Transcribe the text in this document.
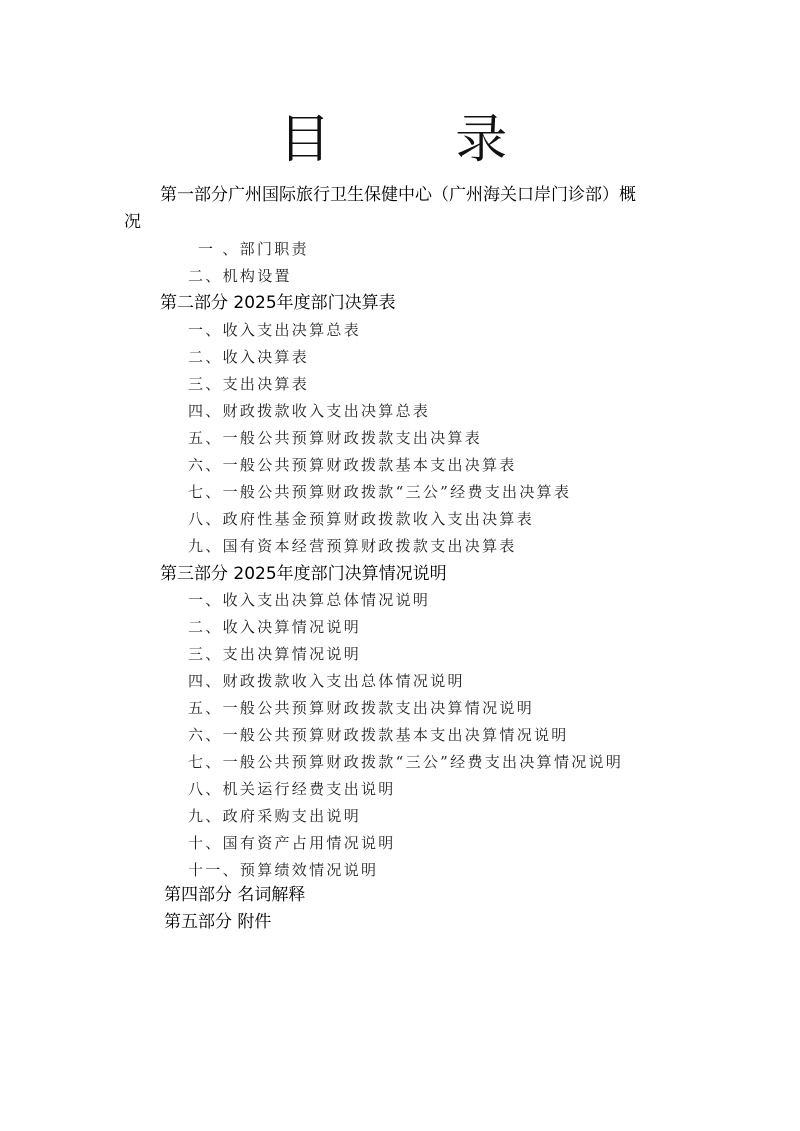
目 录
第一部分广州国际旅行卫生保健中心（广州海关口岸门诊部）概
况
一 、部门职责
二、机构设置
第二部分 2025年度部门决算表
一、收入支出决算总表
二、收入决算表
三、支出决算表
四、财政拨款收入支出决算总表
五、一般公共预算财政拨款支出决算表
六、一般公共预算财政拨款基本支出决算表
七、一般公共预算财政拨款“三公”经费支出决算表
八、政府性基金预算财政拨款收入支出决算表
九、国有资本经营预算财政拨款支出决算表
第三部分 2025年度部门决算情况说明
一、收入支出决算总体情况说明
二、收入决算情况说明
三、支出决算情况说明
四、财政拨款收入支出总体情况说明
五、一般公共预算财政拨款支出决算情况说明
六、一般公共预算财政拨款基本支出决算情况说明
七、一般公共预算财政拨款“三公”经费支出决算情况说明
八、机关运行经费支出说明
九、政府采购支出说明
十、国有资产占用情况说明
十一、预算绩效情况说明
第四部分 名词解释
第五部分 附件
